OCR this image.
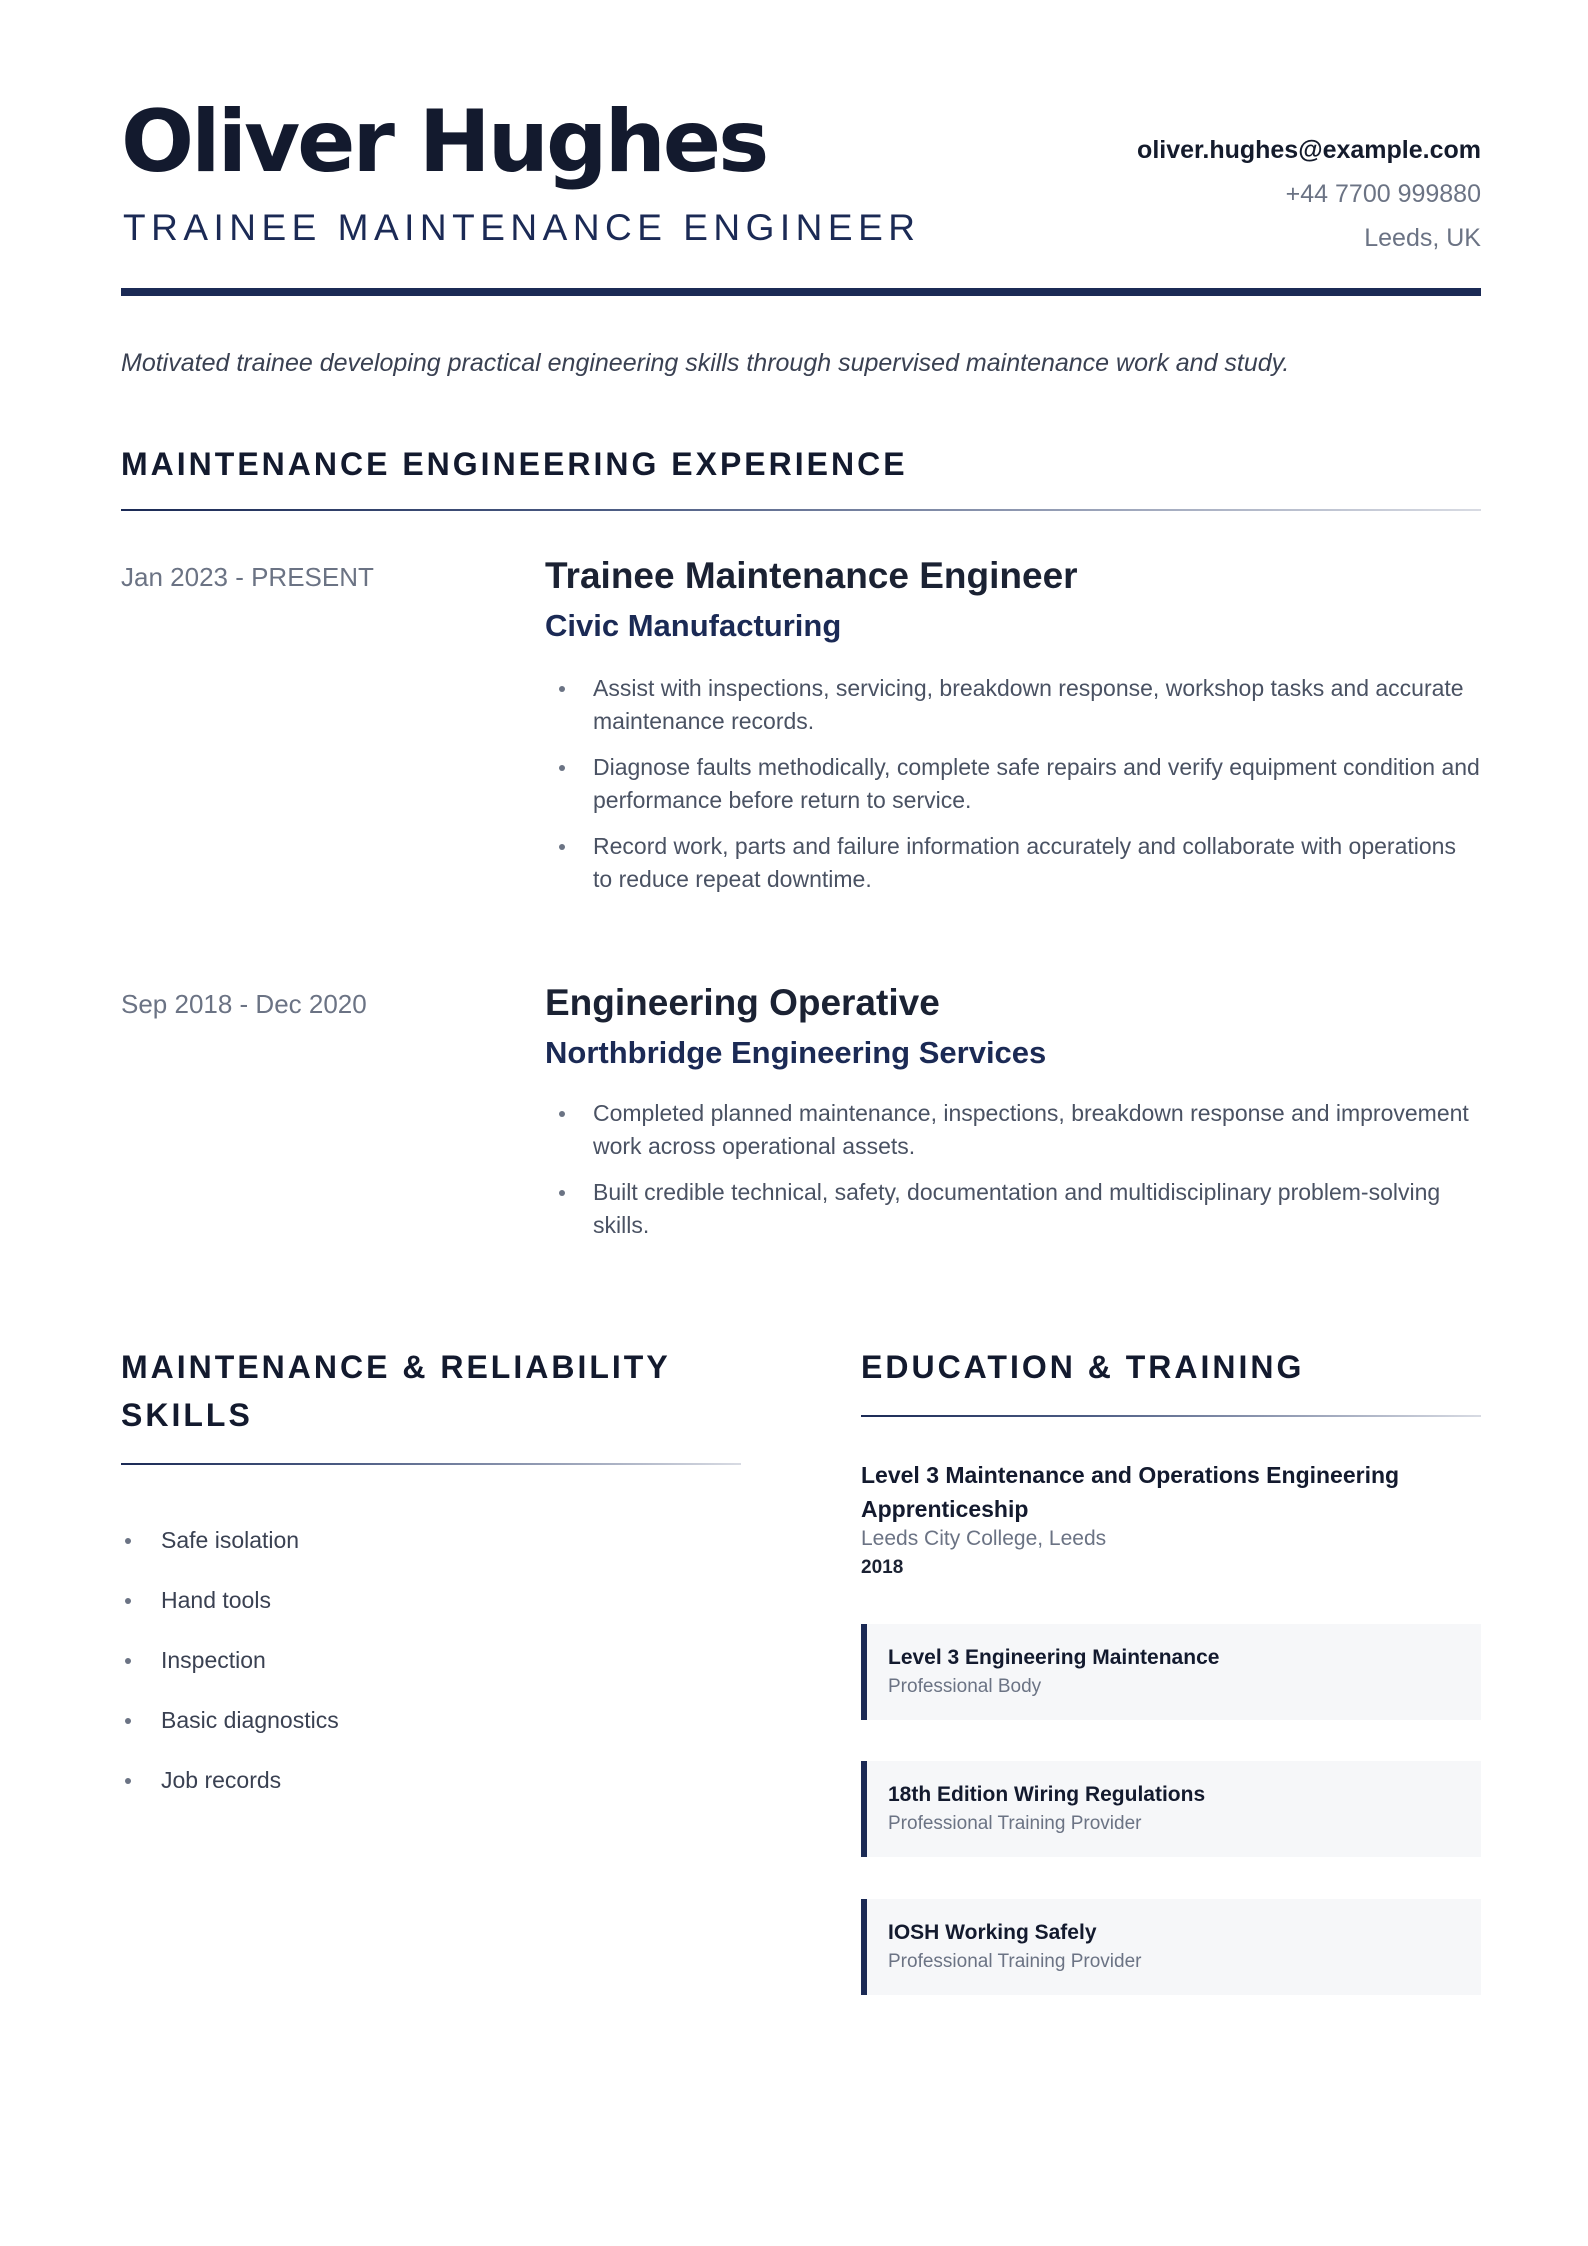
Oliver Hughes
TRAINEE MAINTENANCE ENGINEER
oliver.hughes@example.com
+44 7700 999880
Leeds, UK
Motivated trainee developing practical engineering skills through supervised maintenance work and study.
MAINTENANCE ENGINEERING EXPERIENCE
Jan 2023 - PRESENT	Trainee Maintenance Engineer
Civic Manufacturing
Assist with inspections, servicing, breakdown response, workshop tasks and accurate maintenance records.
Diagnose faults methodically, complete safe repairs and verify equipment condition and performance before return to service.
Record work, parts and failure information accurately and collaborate with operations to reduce repeat downtime.
Sep 2018 - Dec 2020	Engineering Operative
Northbridge Engineering Services
Completed planned maintenance, inspections, breakdown response and improvement work across operational assets.
Built credible technical, safety, documentation and multidisciplinary problem-solving skills.
MAINTENANCE & RELIABILITY
SKILLS
Safe isolation
Hand tools
Inspection
Basic diagnostics
Job records
EDUCATION & TRAINING
Level 3 Maintenance and Operations Engineering Apprenticeship
Leeds City College, Leeds
2018
Level 3 Engineering Maintenance
Professional Body
18th Edition Wiring Regulations
Professional Training Provider
IOSH Working Safely
Professional Training Provider
